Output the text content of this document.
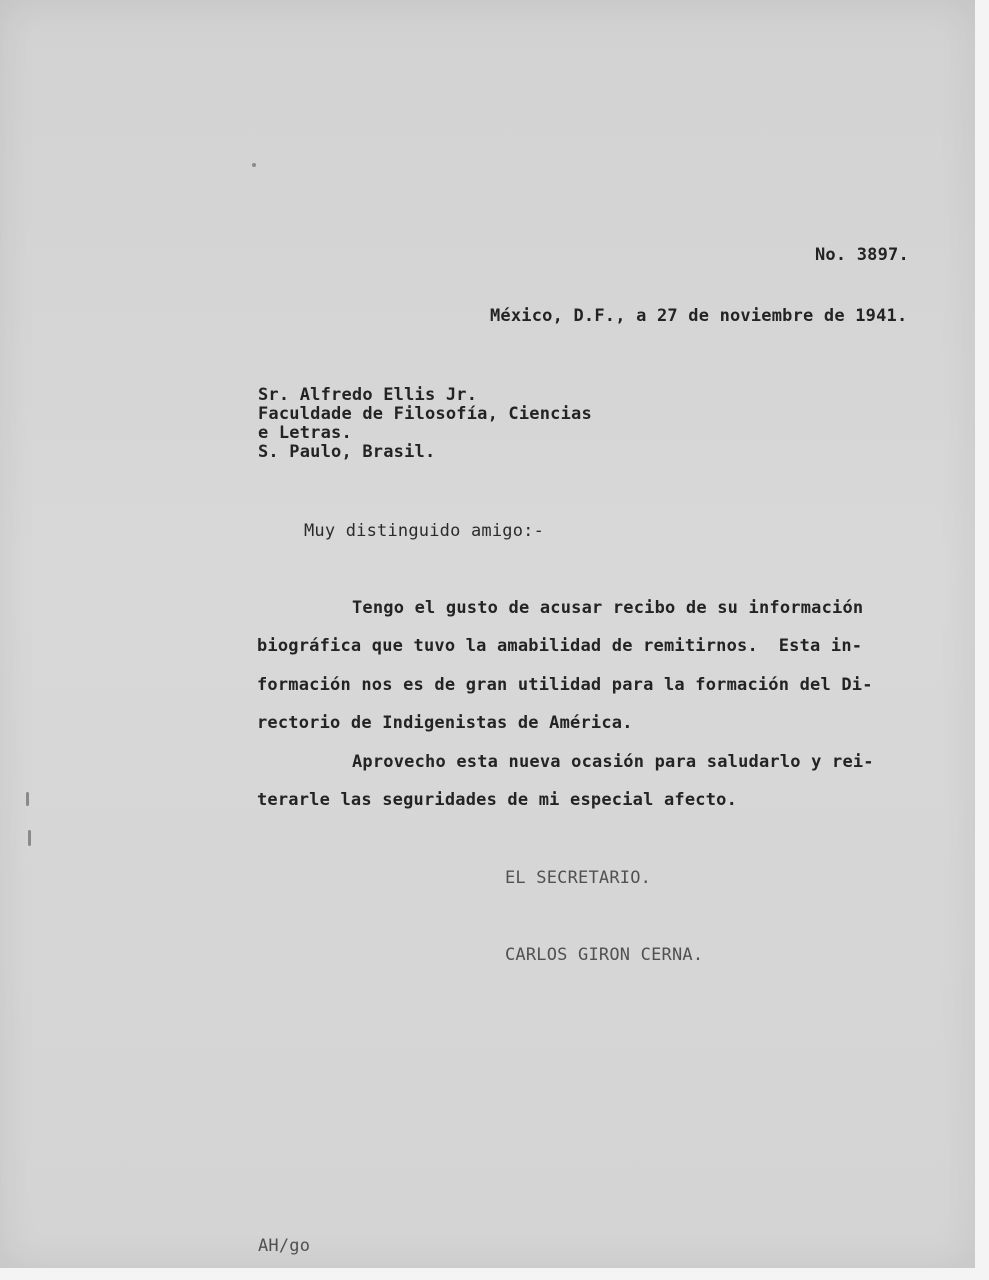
No. 3897.
México, D.F., a 27 de noviembre de 1941.
Sr. Alfredo Ellis Jr.
Faculdade de Filosofía, Ciencias
e Letras.
S. Paulo, Brasil.
Muy distinguido amigo:-
Tengo el gusto de acusar recibo de su información
biográfica que tuvo la amabilidad de remitirnos.  Esta in-
formación nos es de gran utilidad para la formación del Di-
rectorio de Indigenistas de América.
Aprovecho esta nueva ocasión para saludarlo y rei-
terarle las seguridades de mi especial afecto.
EL SECRETARIO.
CARLOS GIRON CERNA.
AH/go
